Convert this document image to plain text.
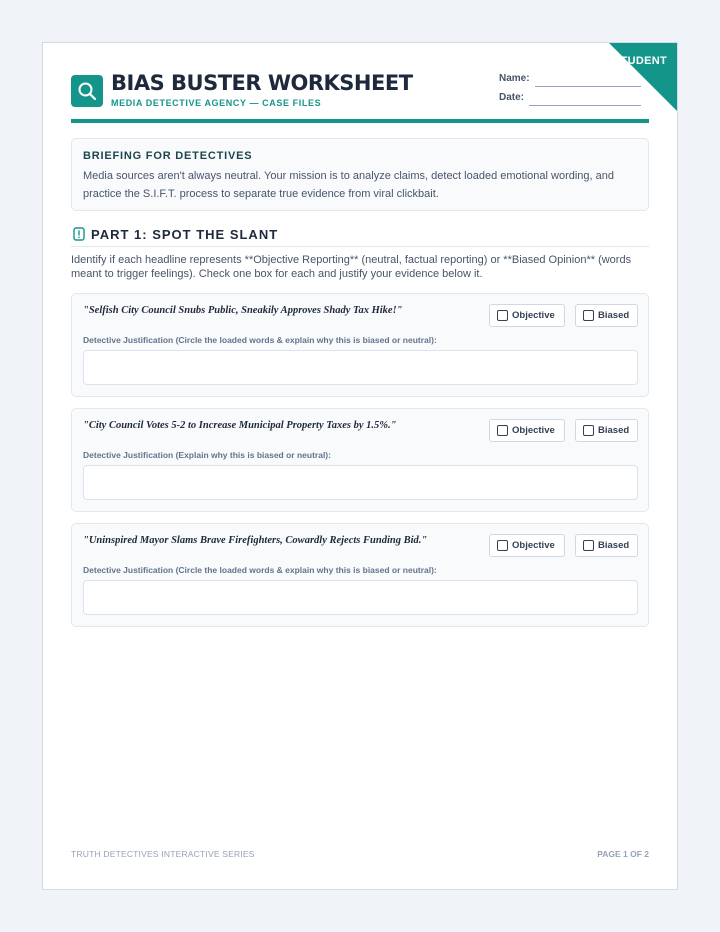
STUDENT
BIAS BUSTER WORKSHEET
MEDIA DETECTIVE AGENCY — CASE FILES
Name:
Date:
BRIEFING FOR DETECTIVES
Media sources aren't always neutral. Your mission is to analyze claims, detect loaded emotional wording, and practice the S.I.F.T. process to separate true evidence from viral clickbait.
PART 1: SPOT THE SLANT
Identify if each headline represents **Objective Reporting** (neutral, factual reporting) or **Biased Opinion** (words meant to trigger feelings). Check one box for each and justify your evidence below it.
"Selfish City Council Snubs Public, Sneakily Approves Shady Tax Hike!"	Objective	Biased
Detective Justification (Circle the loaded words & explain why this is biased or neutral):
"City Council Votes 5-2 to Increase Municipal Property Taxes by 1.5%."	Objective	Biased
Detective Justification (Explain why this is biased or neutral):
"Uninspired Mayor Slams Brave Firefighters, Cowardly Rejects Funding Bid."	Objective	Biased
Detective Justification (Circle the loaded words & explain why this is biased or neutral):
TRUTH DETECTIVES INTERACTIVE SERIES	PAGE 1 OF 2
